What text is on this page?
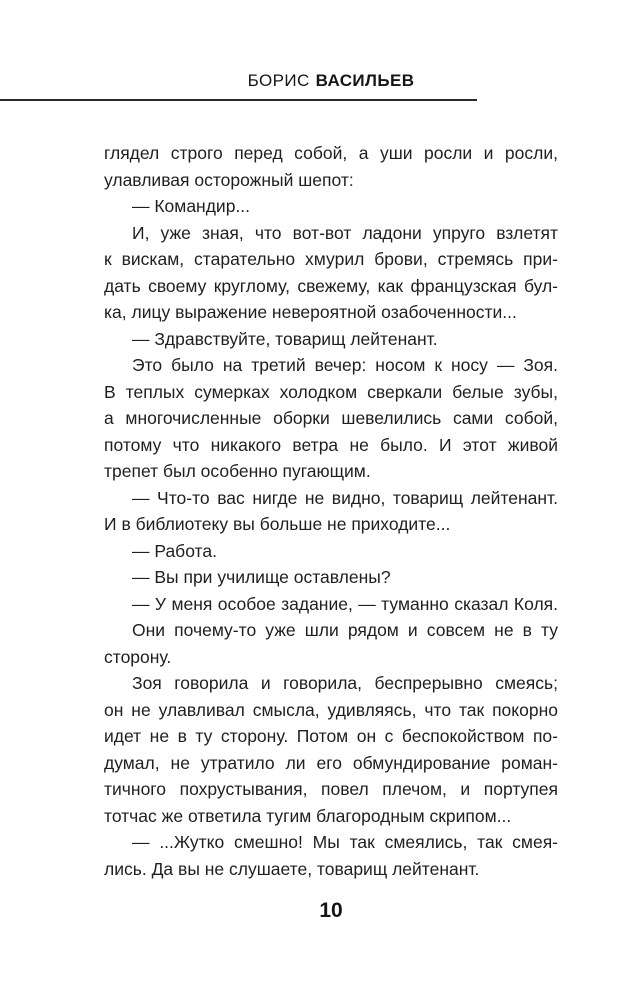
БОРИС ВАСИЛЬЕВ
глядел строго перед собой, а уши росли и росли,
улавливая осторожный шепот:
— Командир...
И, уже зная, что вот-вот ладони упруго взлетят
к вискам, старательно хмурил брови, стремясь при-
дать своему круглому, свежему, как французская бул-
ка, лицу выражение невероятной озабоченности...
— Здравствуйте, товарищ лейтенант.
Это было на третий вечер: носом к носу — Зоя.
В теплых сумерках холодком сверкали белые зубы,
а многочисленные оборки шевелились сами собой,
потому что никакого ветра не было. И этот живой
трепет был особенно пугающим.
— Что-то вас нигде не видно, товарищ лейтенант.
И в библиотеку вы больше не приходите...
— Работа.
— Вы при училище оставлены?
— У меня особое задание, — туманно сказал Коля.
Они почему-то уже шли рядом и совсем не в ту
сторону.
Зоя говорила и говорила, беспрерывно смеясь;
он не улавливал смысла, удивляясь, что так покорно
идет не в ту сторону. Потом он с беспокойством по-
думал, не утратило ли его обмундирование роман-
тичного похрустывания, повел плечом, и портупея
тотчас же ответила тугим благородным скрипом...
— ...Жутко смешно! Мы так смеялись, так смея-
лись. Да вы не слушаете, товарищ лейтенант.
10
